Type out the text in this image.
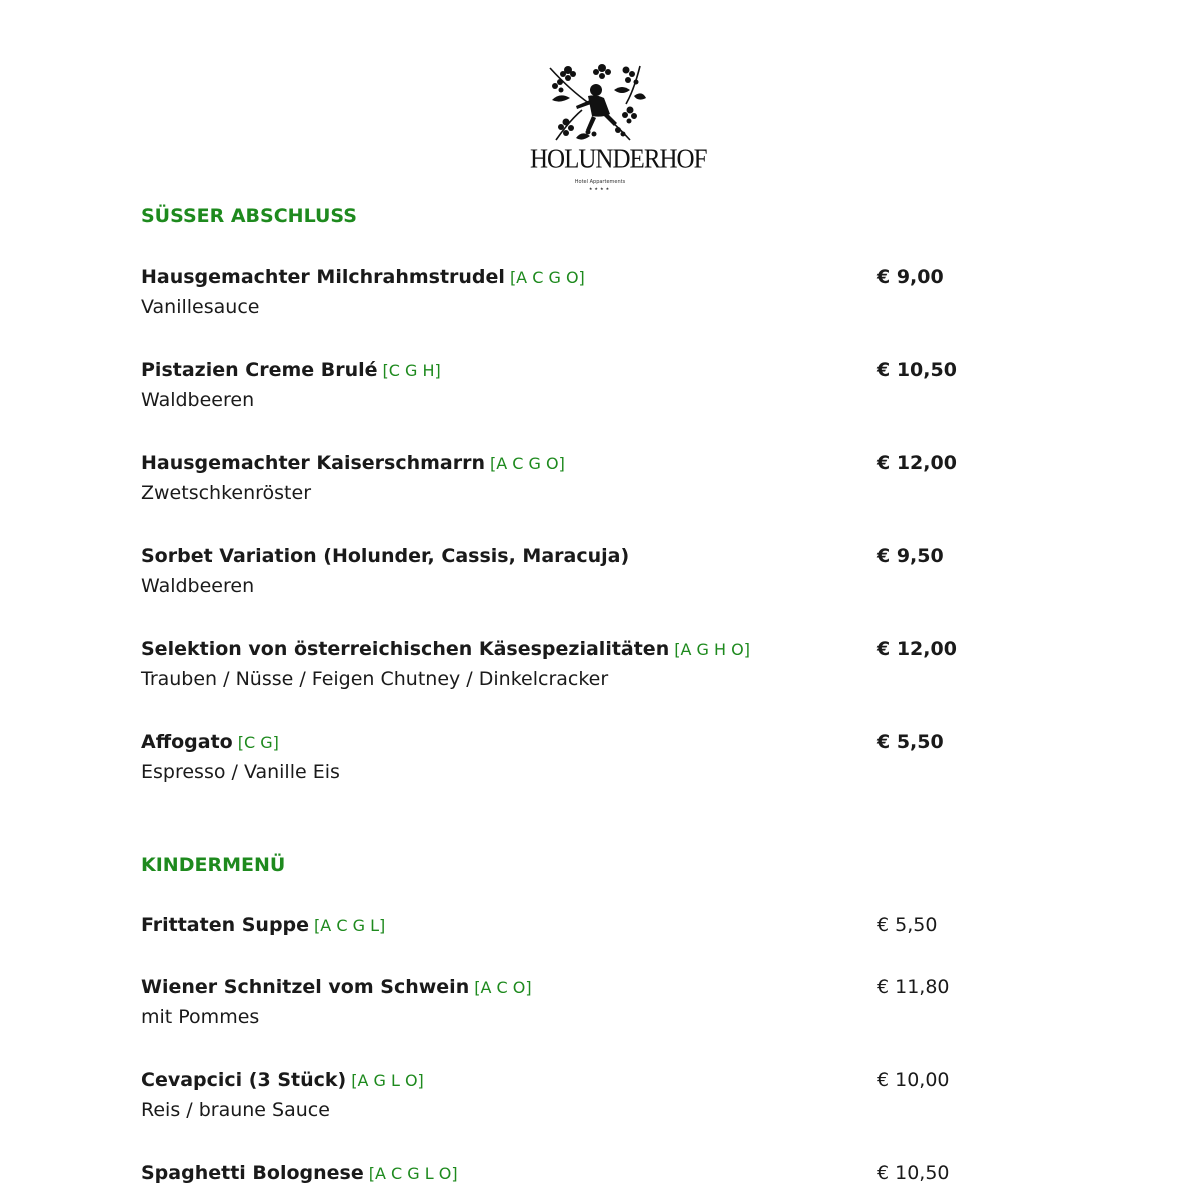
HOLUNDERHOF
Hotel Appartements
★★★★
SÜSSER ABSCHLUSS
Hausgemachter Milchrahmstrudel [A C G O]
Vanillesauce
€ 9,00
Pistazien Creme Brulé [C G H]
Waldbeeren
€ 10,50
Hausgemachter Kaiserschmarrn [A C G O]
Zwetschkenröster
€ 12,00
Sorbet Variation (Holunder, Cassis, Maracuja)
Waldbeeren
€ 9,50
Selektion von österreichischen Käsespezialitäten [A G H O]
Trauben / Nüsse / Feigen Chutney / Dinkelcracker
€ 12,00
Affogato [C G]
Espresso / Vanille Eis
€ 5,50
KINDERMENÜ
Frittaten Suppe [A C G L]	€ 5,50
Wiener Schnitzel vom Schwein [A C O]
mit Pommes
€ 11,80
Cevapcici (3 Stück) [A G L O]
Reis / braune Sauce
€ 10,00
Spaghetti Bolognese [A C G L O]	€ 10,50
